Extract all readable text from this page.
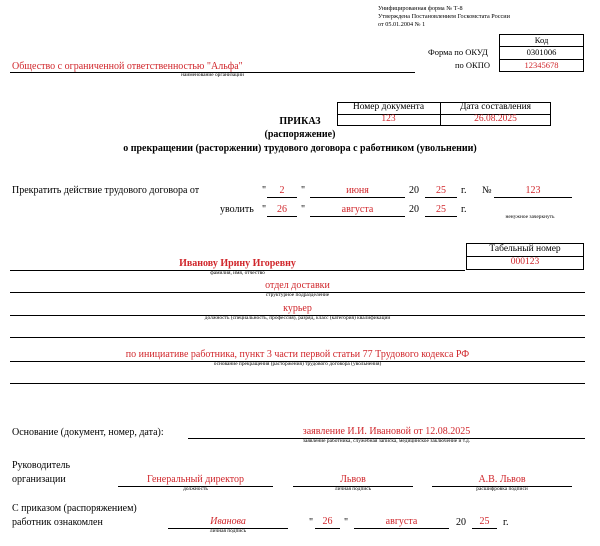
Унифицированная форма № Т-8
Утверждена Постановлением Госкомстата России
от 05.01.2004 № 1
Код
Форма по ОКУД	0301006
по ОКПО	12345678
Общество с ограниченной ответственностью "Альфа"
наименование организации
Номер документа	Дата составления
123	26.08.2025
ПРИКАЗ
(распоряжение)
о прекращении (расторжении) трудового договора с работником (увольнении)
Прекратить действие трудового договора от	"	2	"	июня	20	25	г. №	123
уволить "	26	"	августа	20	25	г.
ненужное зачеркнуть
Табельный номер
000123
Иванову Ирину Игоревну
фамилия, имя, отчество
отдел доставки
структурное подразделение
курьер
должность (специальность, профессия), разряд, класс (категория) квалификации
по инициативе работника, пункт 3 части первой статьи 77 Трудового кодекса РФ
основание прекращения (расторжения) трудового договора (увольнения)
Основание (документ, номер, дата):	заявление И.И. Ивановой от 12.08.2025
заявление работника, служебная записка, медицинское заключение и т.д.
Руководитель
организации	Генеральный директор
должность
Львов
личная подпись
А.В. Львов
расшифровка подписи
С приказом (распоряжением)
работник ознакомлен	Иванова
личная подпись
" 26	"	августа	20	25	г.
